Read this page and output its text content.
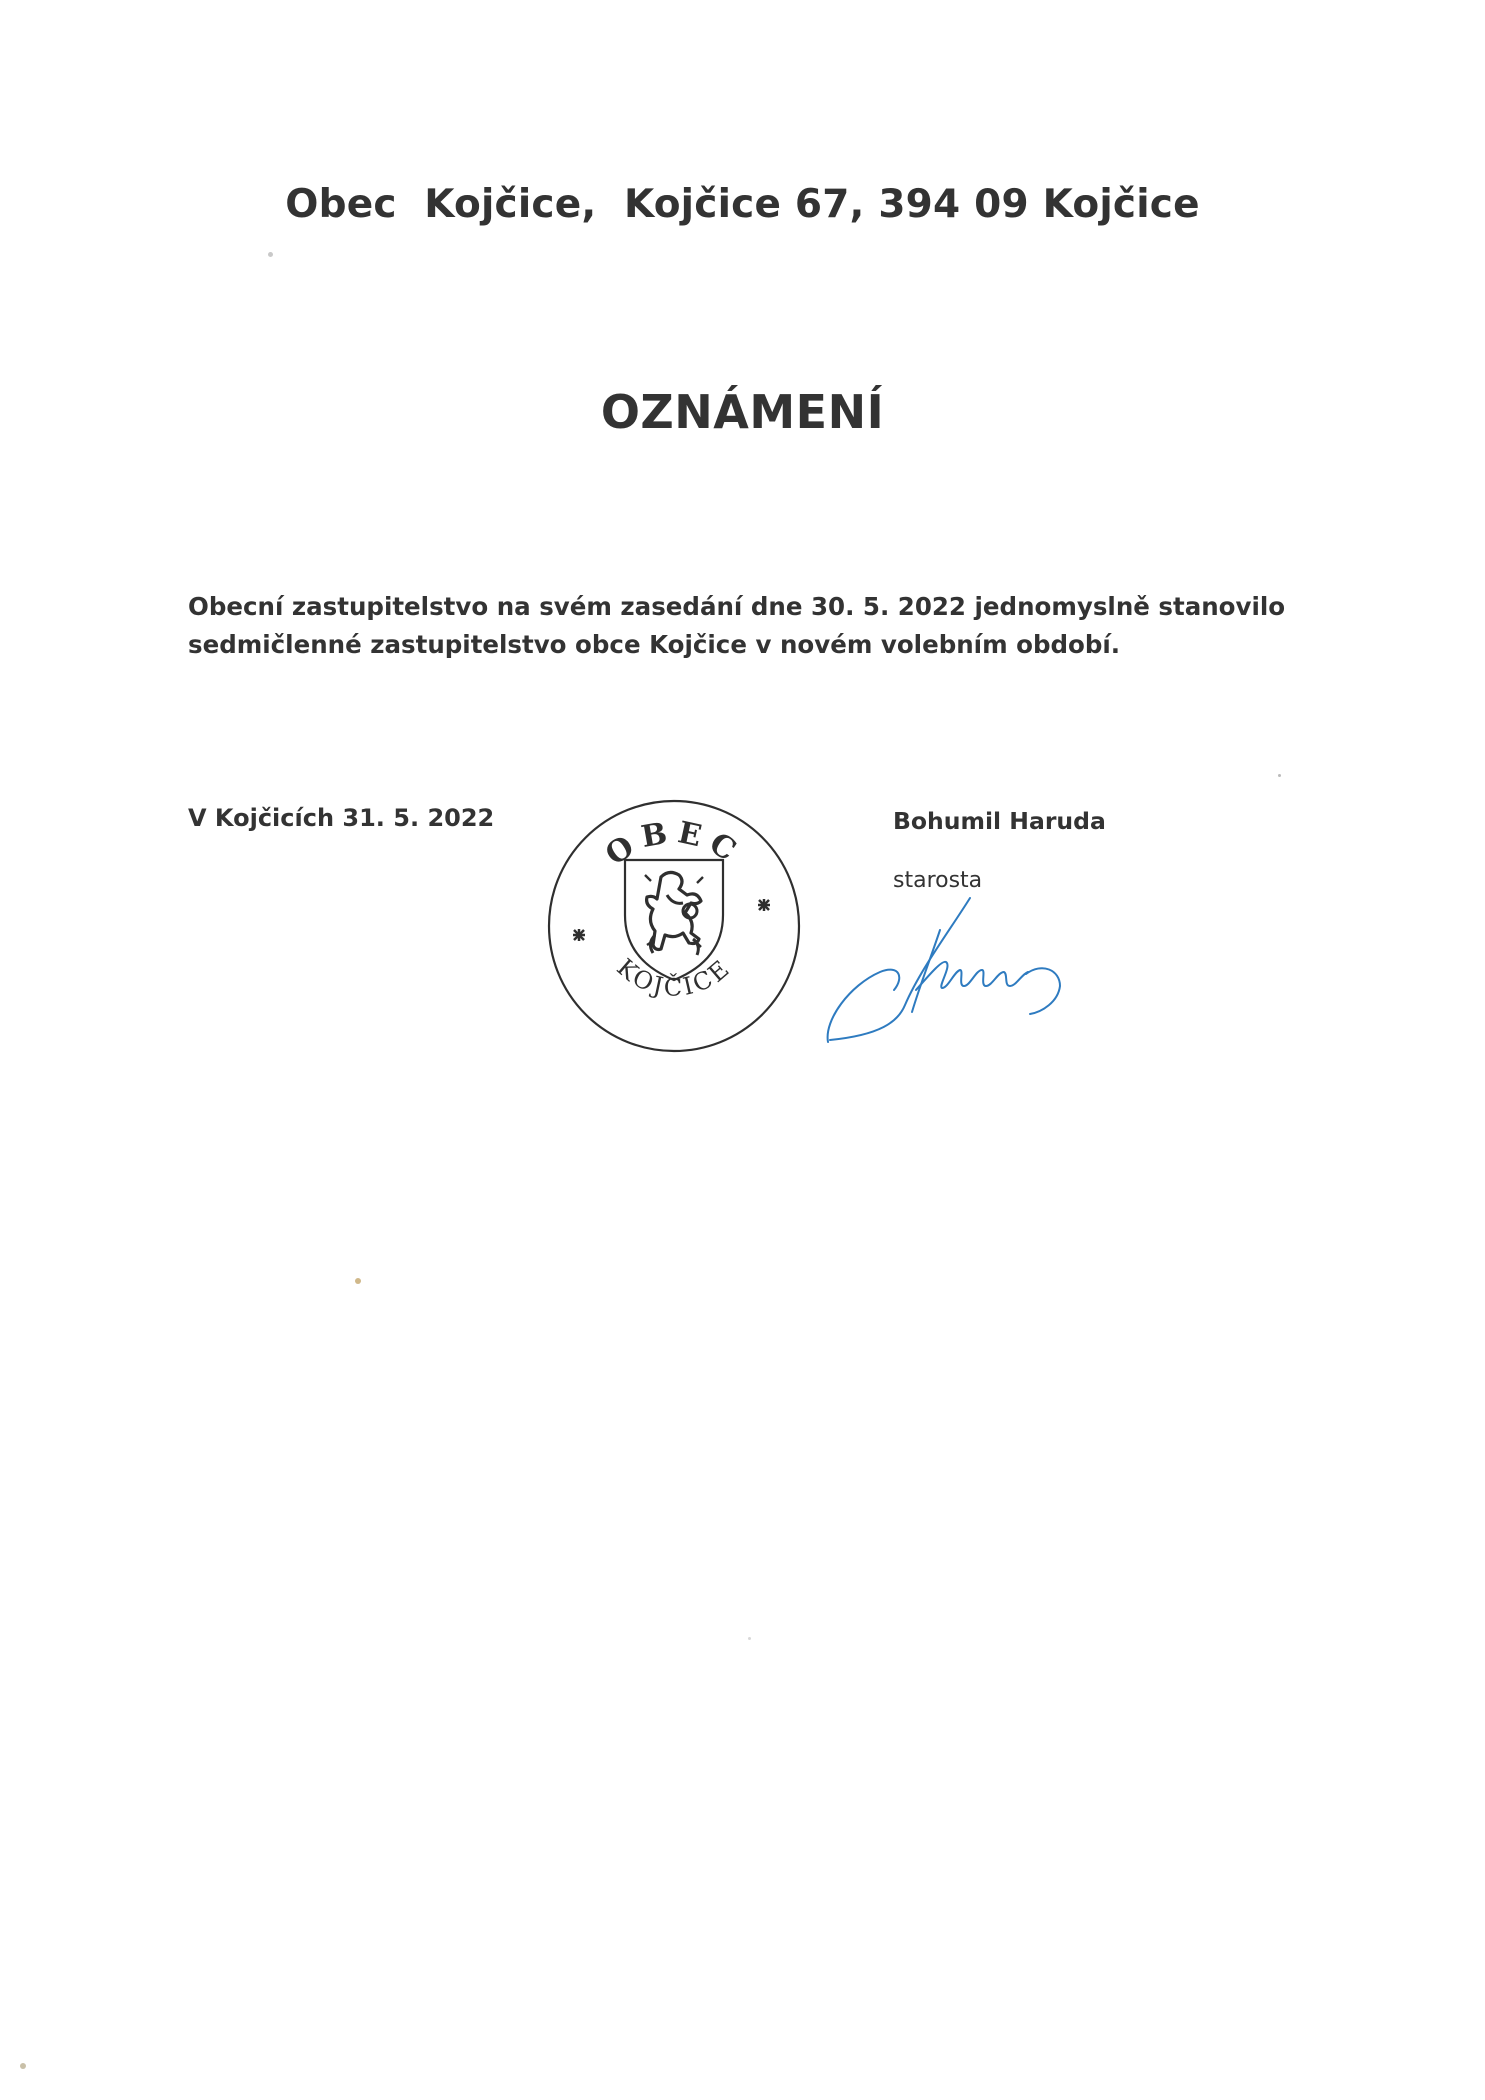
Obec  Kojčice,  Kojčice 67, 394 09 Kojčice
OZNÁMENÍ
Obecní zastupitelstvo na svém zasedání dne 30. 5. 2022 jednomyslně stanovilo
sedmičlenné zastupitelstvo obce Kojčice v novém volebním období.
V Kojčicích 31. 5. 2022	Bohumil Haruda
starosta
OBEC
KOJČICE
